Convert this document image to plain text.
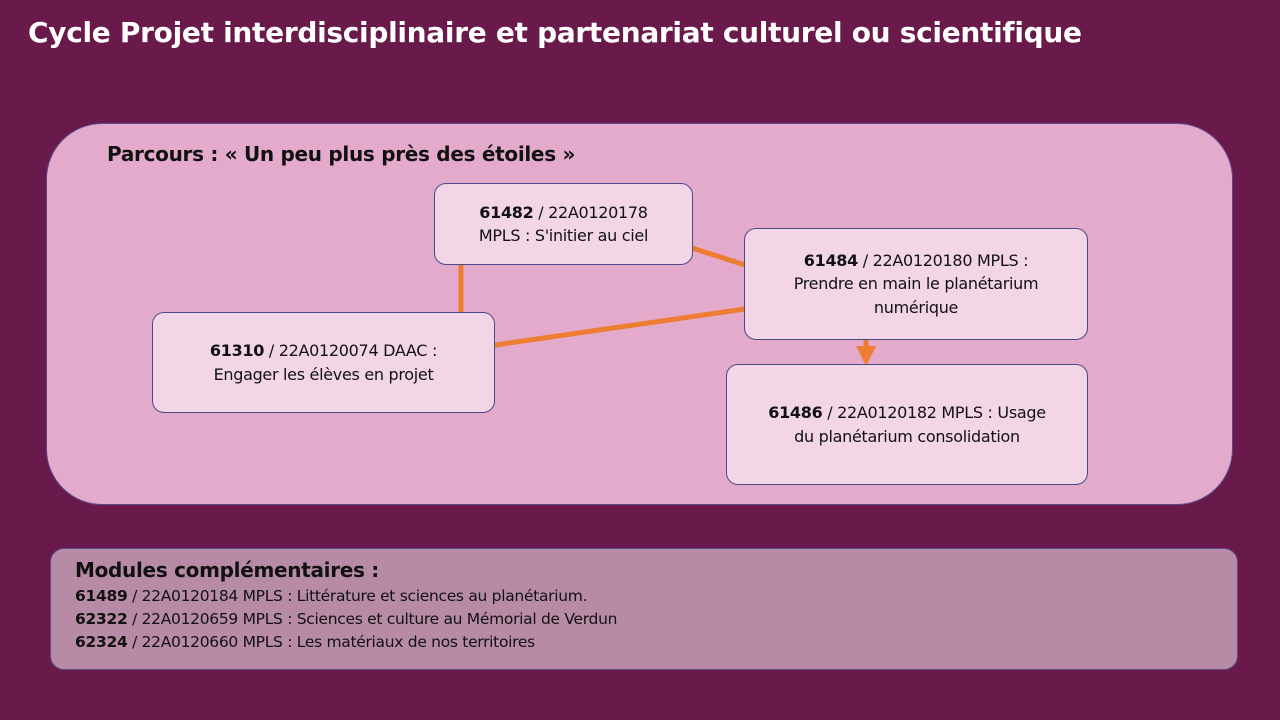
Cycle Projet interdisciplinaire et partenariat culturel ou scientifique
Parcours : « Un peu plus près des étoiles »
61482 / 22A0120178
MPLS : S'initier au ciel
61484 / 22A0120180 MPLS :
Prendre en main le planétarium
numérique
61310 / 22A0120074 DAAC :
Engager les élèves en projet
61486 / 22A0120182 MPLS : Usage
du planétarium consolidation
Modules complémentaires :
61489 / 22A0120184 MPLS : Littérature et sciences au planétarium.
62322 / 22A0120659 MPLS : Sciences et culture au Mémorial de Verdun
62324 / 22A0120660 MPLS : Les matériaux de nos territoires
